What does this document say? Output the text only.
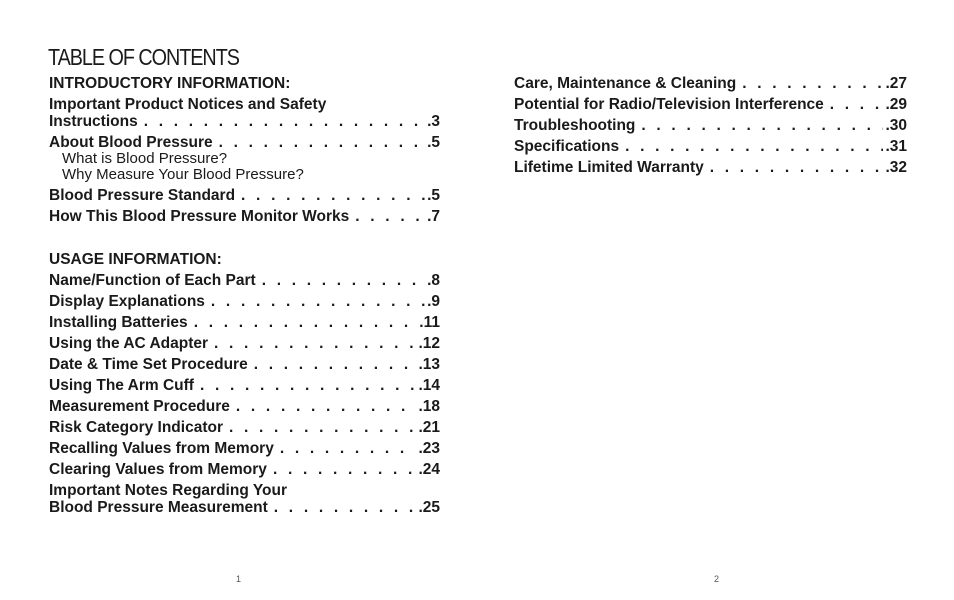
TABLE OF CONTENTS
INTRODUCTORY INFORMATION:
Important Product Notices and Safety
Instructions . . .	.3
About Blood Pressure . . .	.5
What is Blood Pressure?
Why Measure Your Blood Pressure?
Blood Pressure Standard . . .	.5
How This Blood Pressure Monitor Works . . .	.7
USAGE INFORMATION:
Name/Function of Each Part . . .	.8
Display Explanations . . .	.9
Installing Batteries . . .	.11
Using the AC Adapter . . .	.12
Date & Time Set Procedure . . .	.13
Using The Arm Cuff . . .	.14
Measurement Procedure . . .	.18
Risk Category Indicator . . .	.21
Recalling Values from Memory . . .	.23
Clearing Values from Memory . . .	.24
Important Notes Regarding Your
Blood Pressure Measurement . . .	.25
1
Care, Maintenance & Cleaning . . .	.27
Potential for Radio/Television Interference . . .	.29
Troubleshooting . . .	.30
Specifications . . .	.31
Lifetime Limited Warranty . . .	.32
2
